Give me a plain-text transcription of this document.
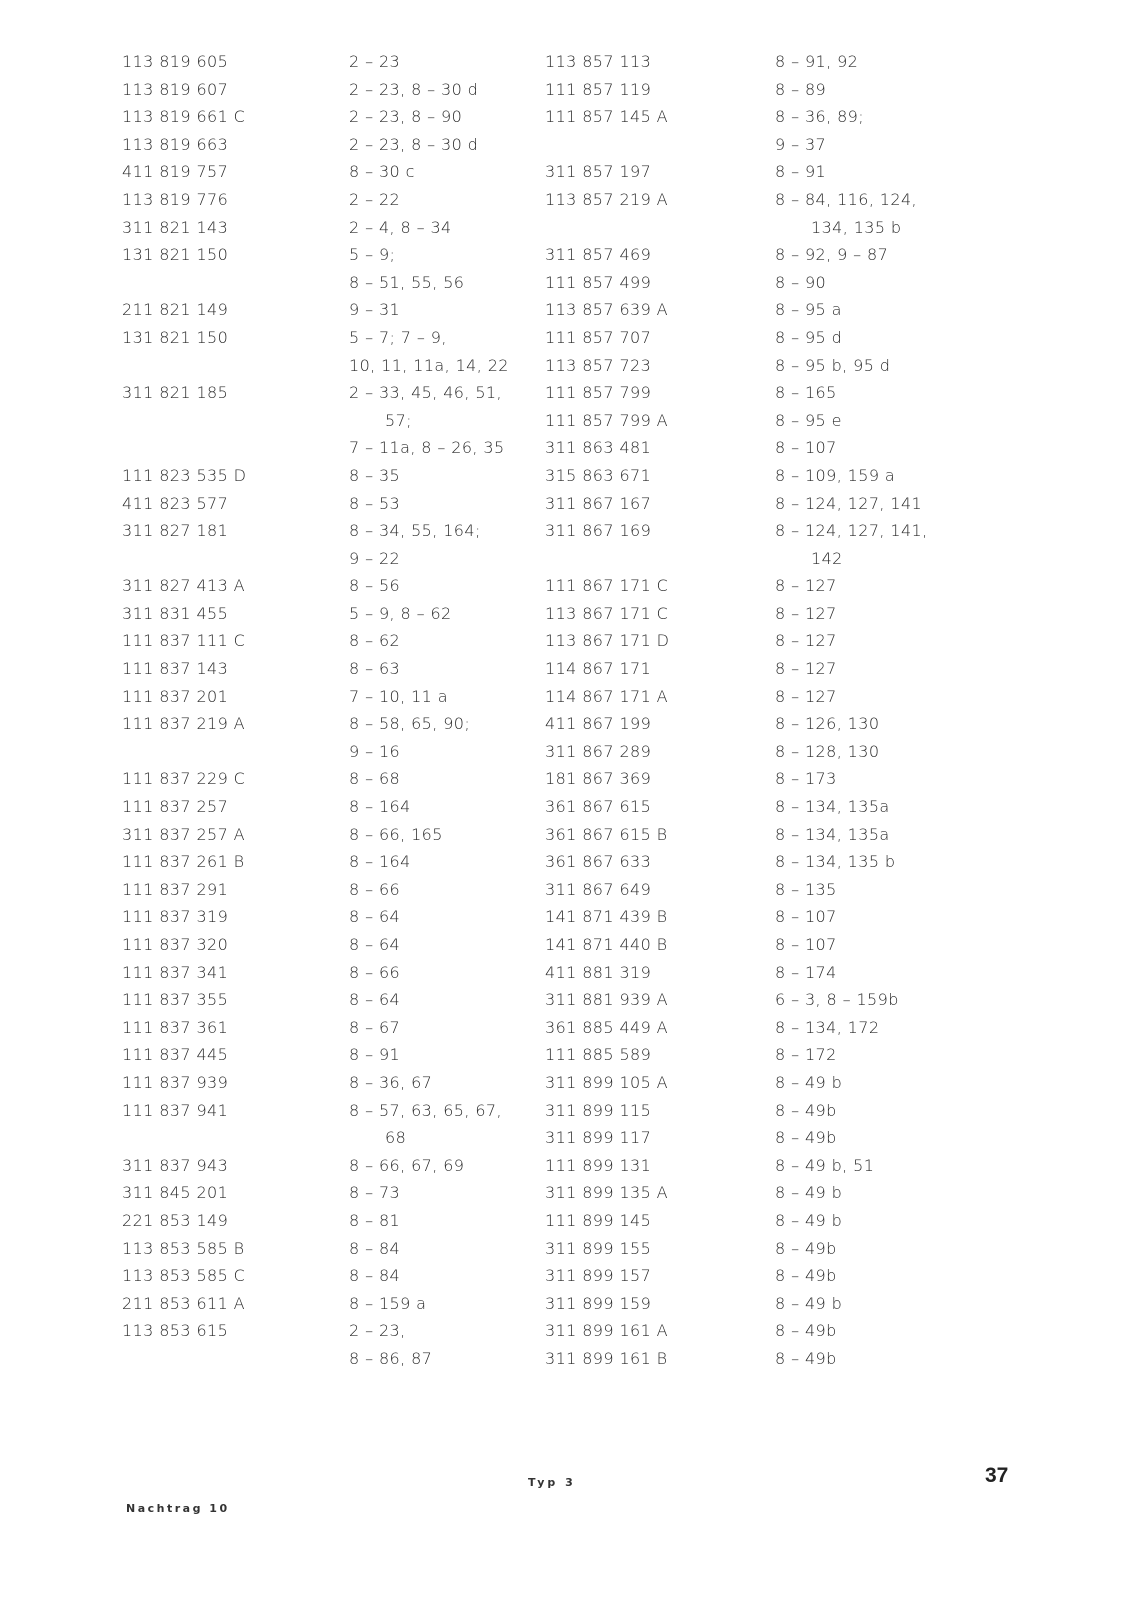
113 819 605
113 819 607
113 819 661 C
113 819 663
411 819 757
113 819 776
311 821 143
131 821 150
211 821 149
131 821 150
311 821 185
111 823 535 D
411 823 577
311 827 181
311 827 413 A
311 831 455
111 837 111 C
111 837 143
111 837 201
111 837 219 A
111 837 229 C
111 837 257
311 837 257 A
111 837 261 B
111 837 291
111 837 319
111 837 320
111 837 341
111 837 355
111 837 361
111 837 445
111 837 939
111 837 941
311 837 943
311 845 201
221 853 149
113 853 585 B
113 853 585 C
211 853 611 A
113 853 615
2 – 23
2 – 23, 8 – 30 d
2 – 23, 8 – 90
2 – 23, 8 – 30 d
8 – 30 c
2 – 22
2 – 4, 8 – 34
5 – 9;
8 – 51, 55, 56
9 – 31
5 – 7; 7 – 9,
10, 11, 11a, 14, 22
2 – 33, 45, 46, 51,
57;
7 – 11a, 8 – 26, 35
8 – 35
8 – 53
8 – 34, 55, 164;
9 – 22
8 – 56
5 – 9, 8 – 62
8 – 62
8 – 63
7 – 10, 11 a
8 – 58, 65, 90;
9 – 16
8 – 68
8 – 164
8 – 66, 165
8 – 164
8 – 66
8 – 64
8 – 64
8 – 66
8 – 64
8 – 67
8 – 91
8 – 36, 67
8 – 57, 63, 65, 67,
68
8 – 66, 67, 69
8 – 73
8 – 81
8 – 84
8 – 84
8 – 159 a
2 – 23,
8 – 86, 87
113 857 113
111 857 119
111 857 145 A
311 857 197
113 857 219 A
311 857 469
111 857 499
113 857 639 A
111 857 707
113 857 723
111 857 799
111 857 799 A
311 863 481
315 863 671
311 867 167
311 867 169
111 867 171 C
113 867 171 C
113 867 171 D
114 867 171
114 867 171 A
411 867 199
311 867 289
181 867 369
361 867 615
361 867 615 B
361 867 633
311 867 649
141 871 439 B
141 871 440 B
411 881 319
311 881 939 A
361 885 449 A
111 885 589
311 899 105 A
311 899 115
311 899 117
111 899 131
311 899 135 A
111 899 145
311 899 155
311 899 157
311 899 159
311 899 161 A
311 899 161 B
8 – 91, 92
8 – 89
8 – 36, 89;
9 – 37
8 – 91
8 – 84, 116, 124,
134, 135 b
8 – 92, 9 – 87
8 – 90
8 – 95 a
8 – 95 d
8 – 95 b, 95 d
8 – 165
8 – 95 e
8 – 107
8 – 109, 159 a
8 – 124, 127, 141
8 – 124, 127, 141,
142
8 – 127
8 – 127
8 – 127
8 – 127
8 – 127
8 – 126, 130
8 – 128, 130
8 – 173
8 – 134, 135a
8 – 134, 135a
8 – 134, 135 b
8 – 135
8 – 107
8 – 107
8 – 174
6 – 3, 8 – 159b
8 – 134, 172
8 – 172
8 – 49 b
8 – 49b
8 – 49b
8 – 49 b, 51
8 – 49 b
8 – 49 b
8 – 49b
8 – 49b
8 – 49 b
8 – 49b
8 – 49b
Typ 3
Nachtrag 10
37
